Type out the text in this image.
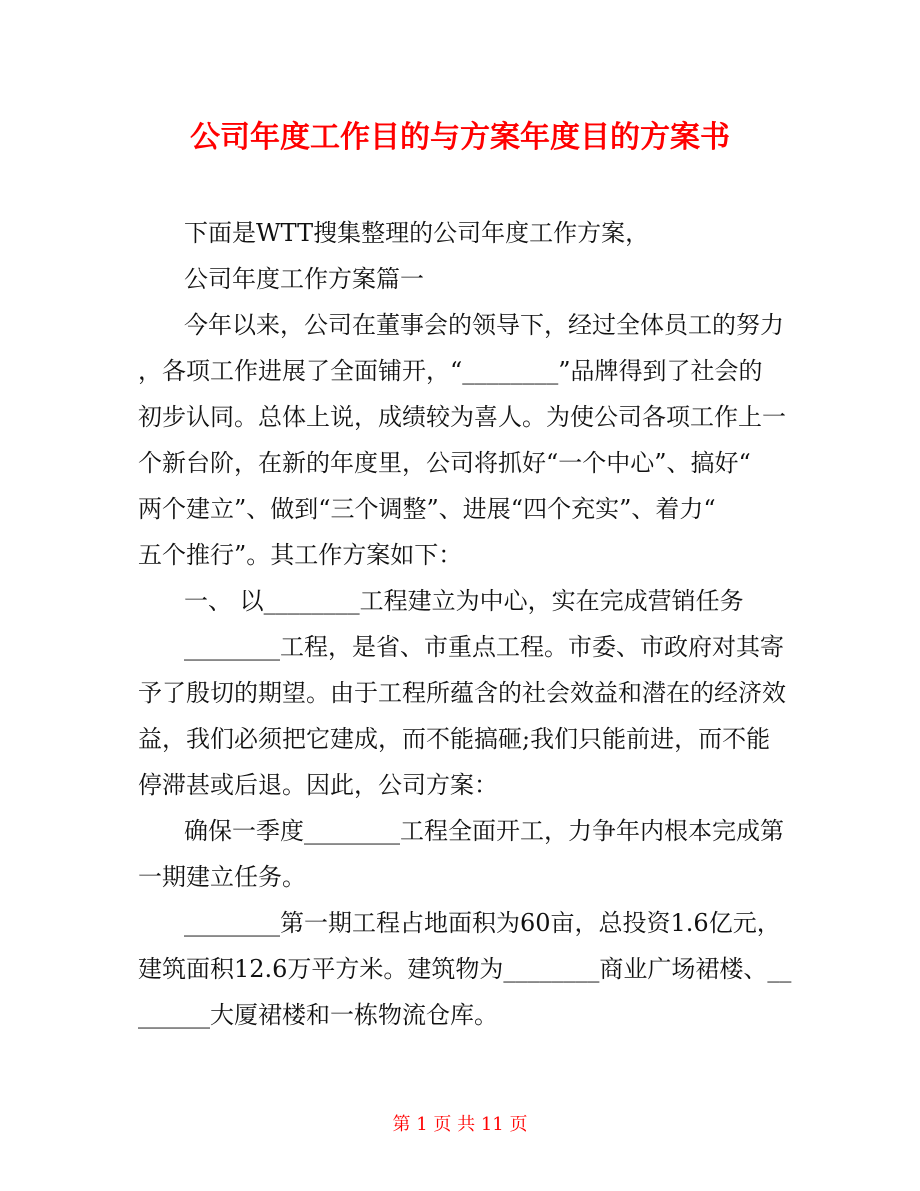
公司年度工作目的与方案年度目的方案书
下面是WTT搜集整理的公司年度工作方案，
公司年度工作方案篇一
今年以来，公司在董事会的领导下，经过全体员工的努力
，各项工作进展了全面铺开，“________”品牌得到了社会的
初步认同。总体上说，成绩较为喜人。为使公司各项工作上一
个新台阶，在新的年度里，公司将抓好“一个中心”、搞好“
两个建立”、做到“三个调整”、进展“四个充实”、着力“
五个推行”。其工作方案如下：
一、 以________工程建立为中心，实在完成营销任务
________工程，是省、市重点工程。市委、市政府对其寄
予了殷切的期望。由于工程所蕴含的社会效益和潜在的经济效
益，我们必须把它建成，而不能搞砸;我们只能前进，而不能
停滞甚或后退。因此，公司方案：
确保一季度________工程全面开工，力争年内根本完成第
一期建立任务。
________第一期工程占地面积为60亩，总投资1.6亿元，
建筑面积12.6万平方米。建筑物为________商业广场裙楼、__
______大厦裙楼和一栋物流仓库。
第 1 页 共 11 页
